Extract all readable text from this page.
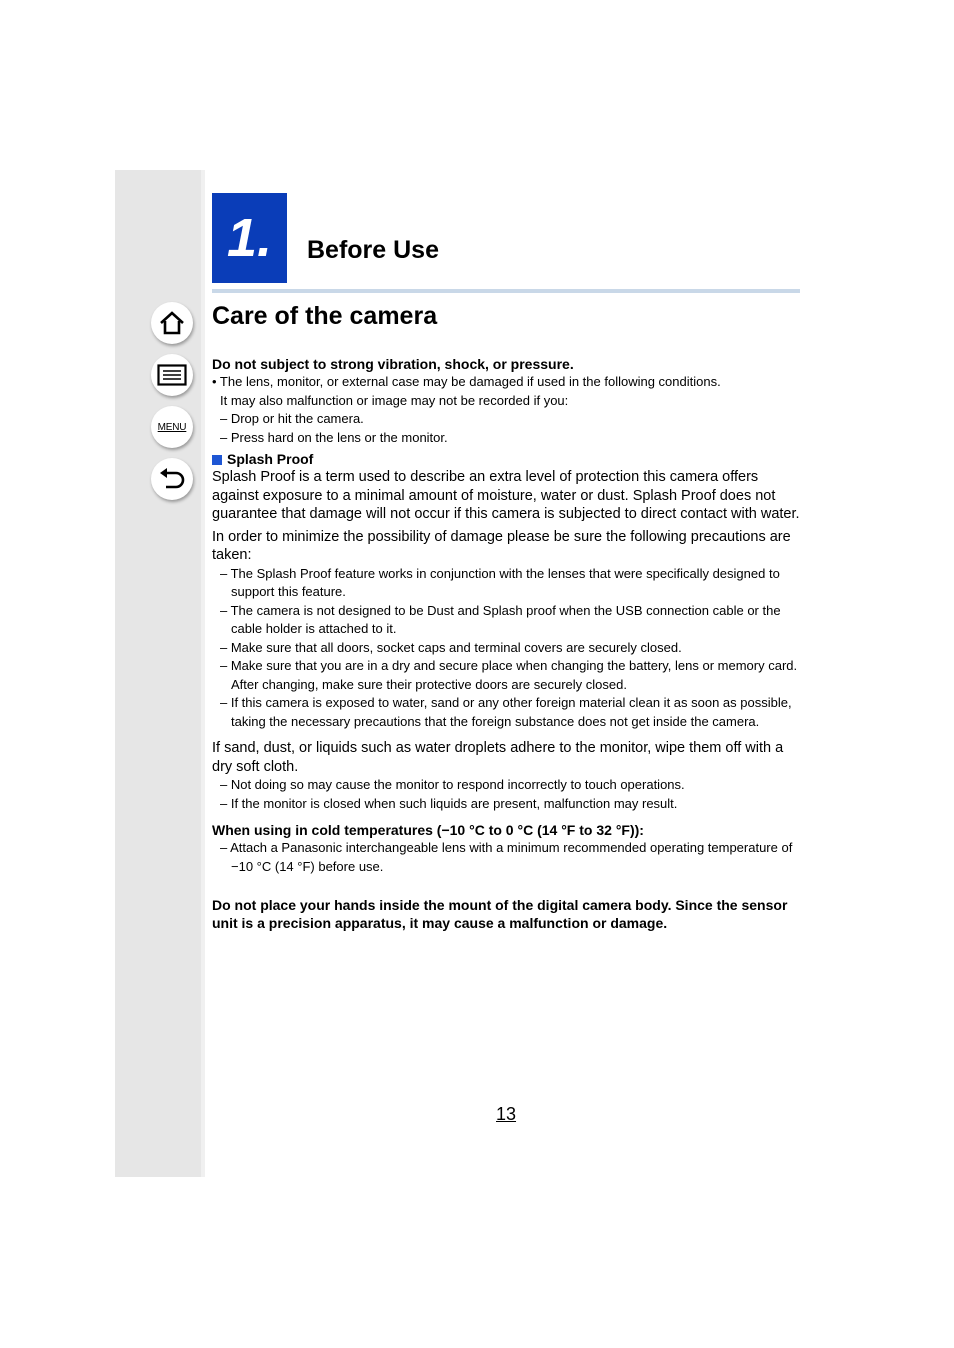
MENU
1. Before Use
Care of the camera

Do not subject to strong vibration, shock, or pressure.

• The lens, monitor, or external case may be damaged if used in the following conditions.

It may also malfunction or image may not be recorded if you:

– Drop or hit the camera.

– Press hard on the lens or the monitor.

Splash Proof

Splash Proof is a term used to describe an extra level of protection this camera offers against exposure to a minimal amount of moisture, water or dust. Splash Proof does not guarantee that damage will not occur if this camera is subjected to direct contact with water.

In order to minimize the possibility of damage please be sure the following precautions are taken:

– The Splash Proof feature works in conjunction with the lenses that were specifically designed to support this feature.

– The camera is not designed to be Dust and Splash proof when the USB connection cable or the cable holder is attached to it.

– Make sure that all doors, socket caps and terminal covers are securely closed.

– Make sure that you are in a dry and secure place when changing the battery, lens or memory card. After changing, make sure their protective doors are securely closed.

– If this camera is exposed to water, sand or any other foreign material clean it as soon as possible, taking the necessary precautions that the foreign substance does not get inside the camera.

If sand, dust, or liquids such as water droplets adhere to the monitor, wipe them off with a dry soft cloth.

– Not doing so may cause the monitor to respond incorrectly to touch operations.

– If the monitor is closed when such liquids are present, malfunction may result.

When using in cold temperatures (−10 °C to 0 °C (14 °F to 32 °F)):

– Attach a Panasonic interchangeable lens with a minimum recommended operating temperature of −10 °C (14 °F) before use.

Do not place your hands inside the mount of the digital camera body. Since the sensor unit is a precision apparatus, it may cause a malfunction or damage.

13
